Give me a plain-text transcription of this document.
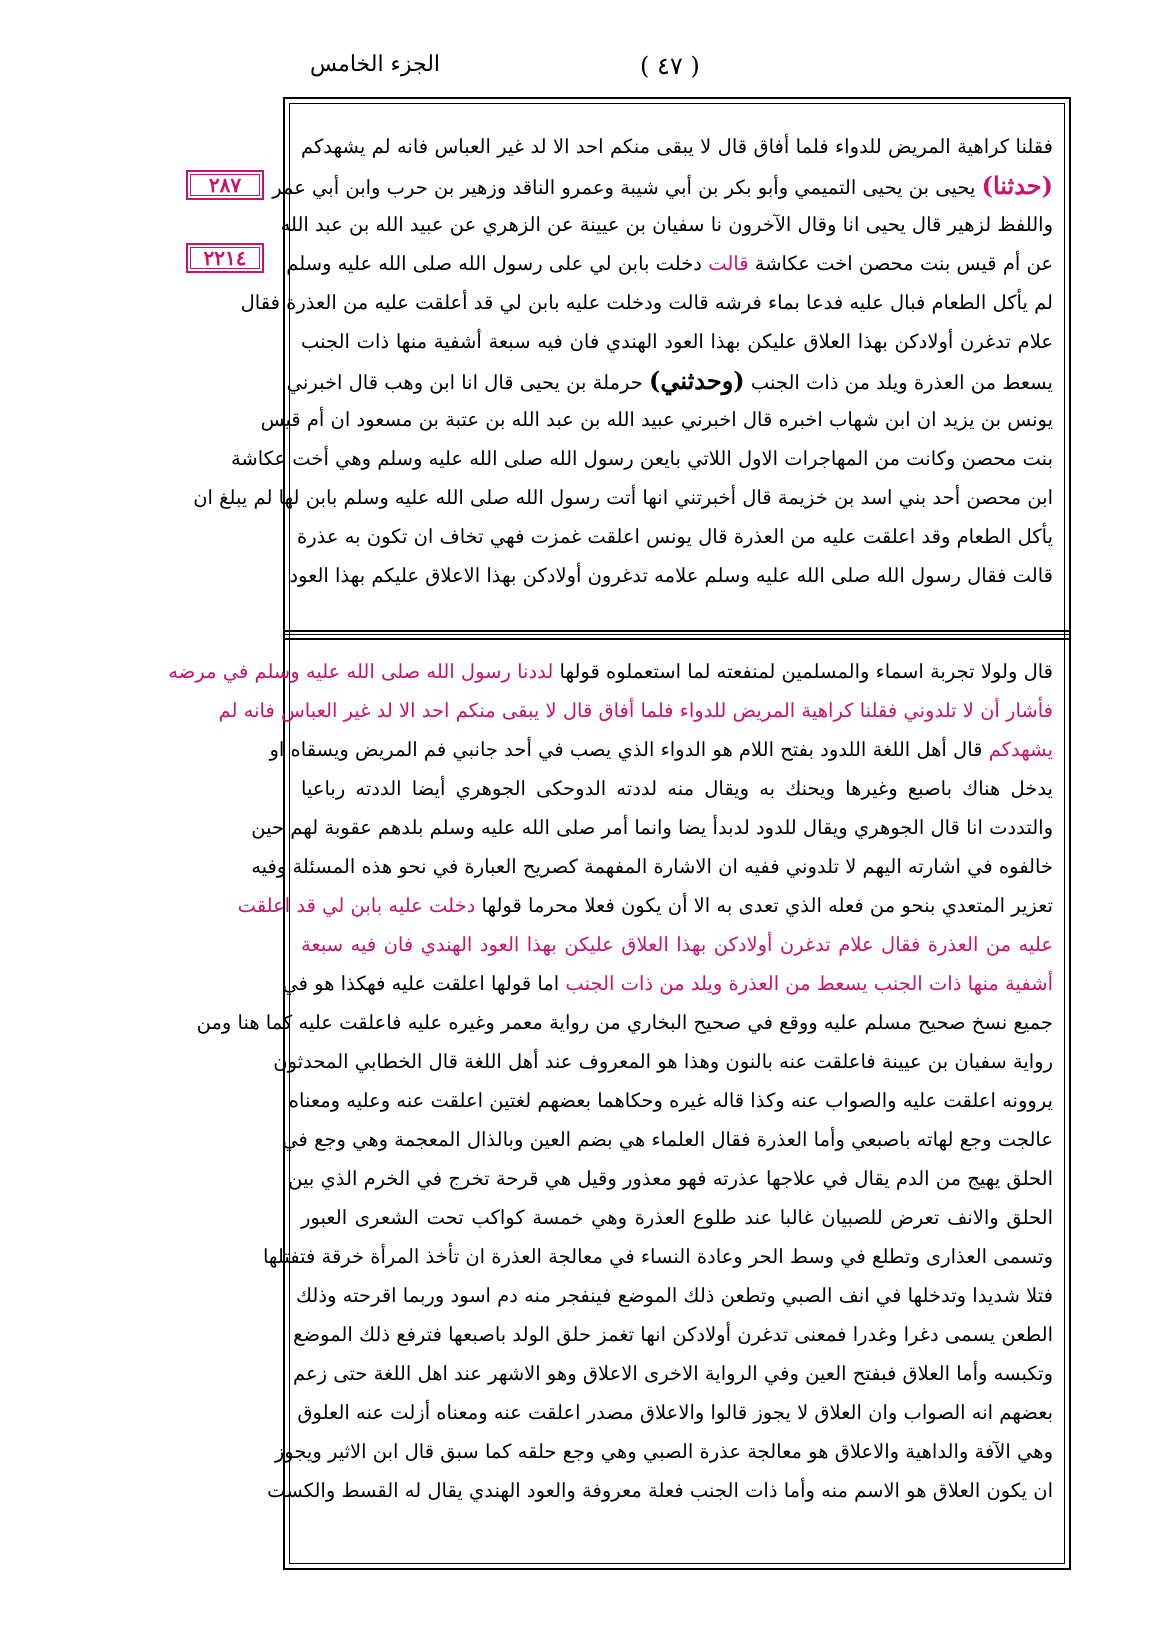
الجزء الخامس	( ٤٧ )
٢٨٧
٢٢١٤

فقلنا كراهية المريض للدواء فلما أفاق قال لا يبقى منكم احد الا لد غير العباس فانه لم يشهدكم

(حدثنا) يحيى بن يحيى التميمي وأبو بكر بن أبي شيبة وعمرو الناقد وزهير بن حرب وابن أبي عمر

واللفظ لزهير قال يحيى انا وقال الآخرون نا سفيان بن عيينة عن الزهري عن عبيد الله بن عبد الله

عن أم قيس بنت محصن اخت عكاشة قالت دخلت بابن لي على رسول الله صلى الله عليه وسلم

لم يأكل الطعام فبال عليه فدعا بماء فرشه قالت ودخلت عليه بابن لي قد أعلقت عليه من العذرة فقال

علام تدغرن أولادكن بهذا العلاق عليكن بهذا العود الهندي فان فيه سبعة أشفية منها ذات الجنب

يسعط من العذرة ويلد من ذات الجنب (وحدثني) حرملة بن يحيى قال انا ابن وهب قال اخبرني

يونس بن يزيد ان ابن شهاب اخبره قال اخبرني عبيد الله بن عبد الله بن عتبة بن مسعود ان أم قيس

بنت محصن وكانت من المهاجرات الاول اللاتي بايعن رسول الله صلى الله عليه وسلم وهي أخت عكاشة

ابن محصن أحد بني اسد بن خزيمة قال أخبرتني انها أتت رسول الله صلى الله عليه وسلم بابن لها لم يبلغ ان

يأكل الطعام وقد اعلقت عليه من العذرة قال يونس اعلقت غمزت فهي تخاف ان تكون به عذرة

قالت فقال رسول الله صلى الله عليه وسلم علامه تدغرون أولادكن بهذا الاعلاق عليكم بهذا العود

قال ولولا تجربة اسماء والمسلمين لمنفعته لما استعملوه قولها لددنا رسول الله صلى الله عليه وسلم في مرضه

فأشار أن لا تلدوني فقلنا كراهية المريض للدواء فلما أفاق قال لا يبقى منكم احد الا لد غير العباس فانه لم

يشهدكم قال أهل اللغة اللدود بفتح اللام هو الدواء الذي يصب في أحد جانبي فم المريض ويسقاه او

يدخل هناك باصبع وغيرها ويحنك به ويقال منه لددته الدوحكى الجوهري أيضا الددته رباعيا

والتددت انا قال الجوهري ويقال للدود لدبدأ يضا وانما أمر صلى الله عليه وسلم بلدهم عقوبة لهم حين

خالفوه في اشارته اليهم لا تلدوني ففيه ان الاشارة المفهمة كصريح العبارة في نحو هذه المسئلة وفيه

تعزير المتعدي بنحو من فعله الذي تعدى به الا أن يكون فعلا محرما قولها دخلت عليه بابن لي قد اعلقت

عليه من العذرة فقال علام تدغرن أولادكن بهذا العلاق عليكن بهذا العود الهندي فان فيه سبعة

أشفية منها ذات الجنب يسعط من العذرة ويلد من ذات الجنب اما قولها اعلقت عليه فهكذا هو في

جميع نسخ صحيح مسلم عليه ووقع في صحيح البخاري من رواية معمر وغيره عليه فاعلقت عليه كما هنا ومن

رواية سفيان بن عيينة فاعلقت عنه بالنون وهذا هو المعروف عند أهل اللغة قال الخطابي المحدثون

يروونه اعلقت عليه والصواب عنه وكذا قاله غيره وحكاهما بعضهم لغتين اعلقت عنه وعليه ومعناه

عالجت وجع لهاته باصبعي وأما العذرة فقال العلماء هي بضم العين وبالذال المعجمة وهي وجع في

الحلق يهيج من الدم يقال في علاجها عذرته فهو معذور وقيل هي قرحة تخرج في الخرم الذي بين

الحلق والانف تعرض للصبيان غالبا عند طلوع العذرة وهي خمسة كواكب تحت الشعرى العبور

وتسمى العذارى وتطلع في وسط الحر وعادة النساء في معالجة العذرة ان تأخذ المرأة خرقة فتفتلها

فتلا شديدا وتدخلها في انف الصبي وتطعن ذلك الموضع فينفجر منه دم اسود وربما اقرحته وذلك

الطعن يسمى دغرا وغدرا فمعنى تدغرن أولادكن انها تغمز حلق الولد باصبعها فترفع ذلك الموضع

وتكبسه وأما العلاق فبفتح العين وفي الرواية الاخرى الاعلاق وهو الاشهر عند اهل اللغة حتى زعم

بعضهم انه الصواب وان العلاق لا يجوز قالوا والاعلاق مصدر اعلقت عنه ومعناه أزلت عنه العلوق

وهي الآفة والداهية والاعلاق هو معالجة عذرة الصبي وهي وجع حلقه كما سبق قال ابن الاثير ويجوز

ان يكون العلاق هو الاسم منه وأما ذات الجنب فعلة معروفة والعود الهندي يقال له القسط والكست
